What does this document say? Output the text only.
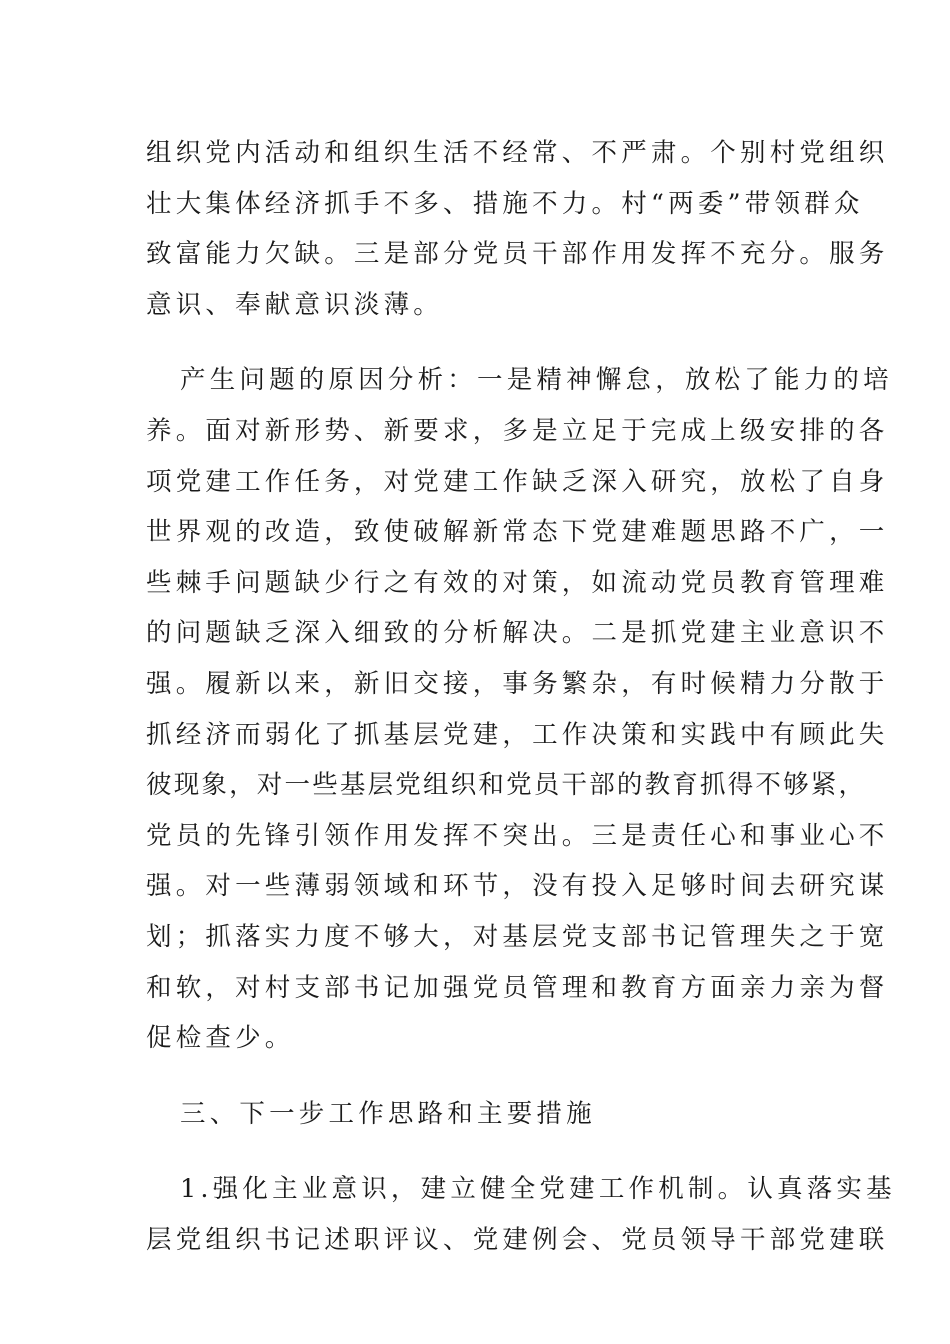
组织党内活动和组织生活不经常、不严肃。个别村党组织
壮大集体经济抓手不多、措施不力。村“两委”带领群众
致富能力欠缺。三是部分党员干部作用发挥不充分。服务
意识、奉献意识淡薄。
产生问题的原因分析：一是精神懈怠，放松了能力的培
养。面对新形势、新要求，多是立足于完成上级安排的各
项党建工作任务，对党建工作缺乏深入研究，放松了自身
世界观的改造，致使破解新常态下党建难题思路不广，一
些棘手问题缺少行之有效的对策，如流动党员教育管理难
的问题缺乏深入细致的分析解决。二是抓党建主业意识不
强。履新以来，新旧交接，事务繁杂，有时候精力分散于
抓经济而弱化了抓基层党建，工作决策和实践中有顾此失
彼现象，对一些基层党组织和党员干部的教育抓得不够紧，
党员的先锋引领作用发挥不突出。三是责任心和事业心不
强。对一些薄弱领域和环节，没有投入足够时间去研究谋
划；抓落实力度不够大，对基层党支部书记管理失之于宽
和软，对村支部书记加强党员管理和教育方面亲力亲为督
促检查少。
三、下一步工作思路和主要措施
1.强化主业意识，建立健全党建工作机制。认真落实基
层党组织书记述职评议、党建例会、党员领导干部党建联
